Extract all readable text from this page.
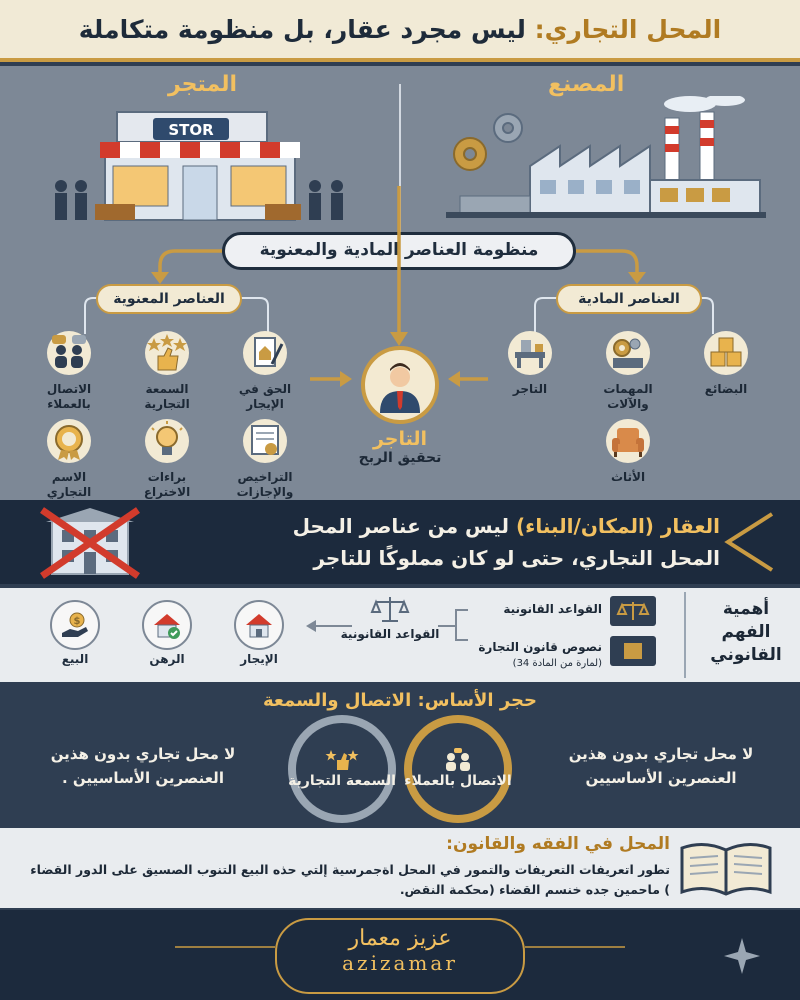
المحل التجاري: ليس مجرد عقار، بل منظومة متكاملة
المتجر
STOR
المصنع
منظومة العناصر المادية والمعنوية
العناصر المعنوية	العناصر المادية
الحق في الإيجار
السمعة التجارية
الاتصال بالعملاء
التراخيص والإجازات
براءات الاختراع
الاسم التجاري
التاجر
تحقيق الربح
التاجر	المهمات والآلات
البضائع
الأثاث
العقار (المكان/البناء) ليس من عناصر المحل
المحل التجاري، حتى لو كان مملوكًا للتاجر
أهمية الفهم القانوني
القواعد القانونية
نصوص قانون التجارة
(لمارة من المادة 34)
القواعد القانونية
الإيجار
الرهن
$
البيع
حجر الأساس: الاتصال والسمعة
لا محل تجاري بدون هذين العنصرين الأساسيين
لا محل تجاري بدون هذين العنصرين الأساسيين .	السمعة التجارية الاتصال بالعملاء
المحل في الفقه والقانون:
تطور اتعريفات التعريفات والتمور في المحل اةجمرسية إلتي حذه البيع التنوب الصسيق على الدور القضاء ) ماحمين جده خنسم القضاء (محكمة النقض.
عزيز معمار
azizamar
